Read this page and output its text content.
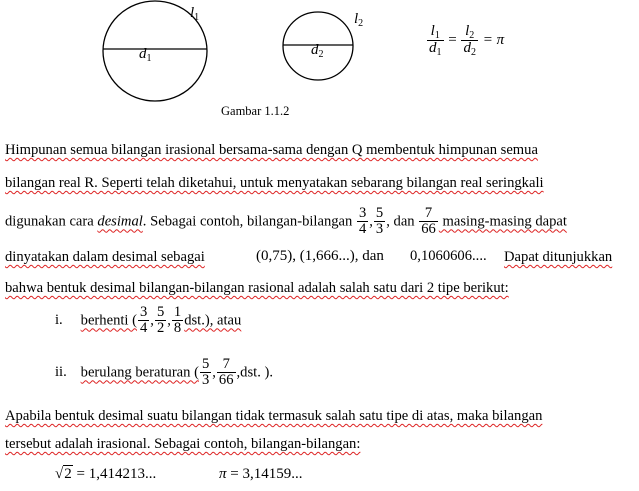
$d_1$
$l_1$
$d_2$
$l_2$
$\frac{l_1}{d_1} = \frac{l_2}{d_2} = \pi$
Gambar 1.1.2
Himpunan semua bilangan irasional bersama-sama dengan Q membentuk himpunan semua
bilangan real R. Seperti telah diketahui, untuk menyatakan sebarang bilangan real seringkali
digunakan cara desimal. Sebagai contoh, bilangan-bilangan $\frac{3}{4}$ , $\frac{5}{3}$ , dan $\frac{7}{66} masing-masing$ dapat
dinyatakan dalam desimal sebagai	(0,75), (1,666...), dan 0,1060606.... Dapat ditunjukkan
bahwa bentuk desimal bilangan-bilangan rasional adalah salah satu dari 2 tipe berikut:
i. berhenti ( $\frac{3}{4}$ , $\frac{5}{2}$ , $\frac{1}{8} dst$.), atau
ii. berulang beraturan ( $\frac{5}{3}$ , $\frac{7}{66} ,dst$. ).
Apabila bentuk desimal suatu bilangan tidak termasuk salah satu tipe di atas, maka bilangan
tersebut adalah irasional. Sebagai contoh, bilangan-bilangan:
√2 = 1,414213...	π = 3,14159...
